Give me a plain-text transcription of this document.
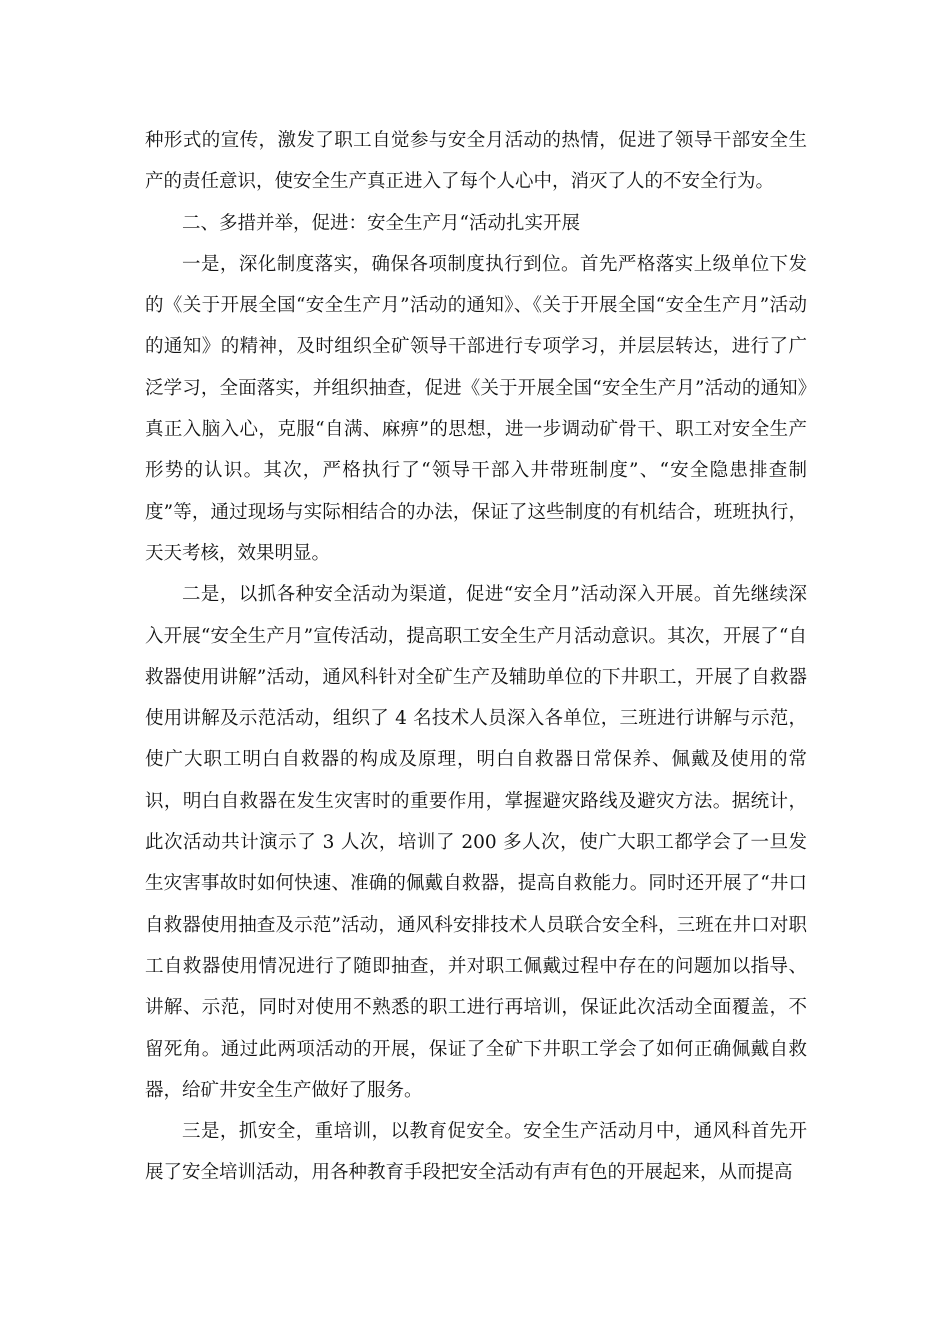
种形式的宣传，激发了职工自觉参与安全月活动的热情，促进了领导干部安全生产的责任意识，使安全生产真正进入了每个人心中，消灭了人的不安全行为。

二、多措并举，促进：安全生产月“活动扎实开展

一是，深化制度落实，确保各项制度执行到位。首先严格落实上级单位下发的《关于开展全国“安全生产月”活动的通知》、《关于开展全国“安全生产月”活动的通知》的精神，及时组织全矿领导干部进行专项学习，并层层转达，进行了广泛学习，全面落实，并组织抽查，促进《关于开展全国“安全生产月”活动的通知》真正入脑入心，克服“自满、麻痹”的思想，进一步调动矿骨干、职工对安全生产形势的认识。其次，严格执行了“领导干部入井带班制度”、“安全隐患排查制度”等，通过现场与实际相结合的办法，保证了这些制度的有机结合，班班执行，天天考核，效果明显。

二是，以抓各种安全活动为渠道，促进“安全月”活动深入开展。首先继续深入开展“安全生产月”宣传活动，提高职工安全生产月活动意识。其次，开展了“自救器使用讲解”活动，通风科针对全矿生产及辅助单位的下井职工，开展了自救器使用讲解及示范活动，组织了 4 名技术人员深入各单位，三班进行讲解与示范，使广大职工明白自救器的构成及原理，明白自救器日常保养、佩戴及使用的常识，明白自救器在发生灾害时的重要作用，掌握避灾路线及避灾方法。据统计，此次活动共计演示了 3 人次，培训了 200 多人次，使广大职工都学会了一旦发生灾害事故时如何快速、准确的佩戴自救器，提高自救能力。同时还开展了“井口自救器使用抽查及示范”活动，通风科安排技术人员联合安全科，三班在井口对职工自救器使用情况进行了随即抽查，并对职工佩戴过程中存在的问题加以指导、讲解、示范，同时对使用不熟悉的职工进行再培训，保证此次活动全面覆盖，不留死角。通过此两项活动的开展，保证了全矿下井职工学会了如何正确佩戴自救器，给矿井安全生产做好了服务。

三是，抓安全，重培训，以教育促安全。安全生产活动月中，通风科首先开展了安全培训活动，用各种教育手段把安全活动有声有色的开展起来，从而提高
